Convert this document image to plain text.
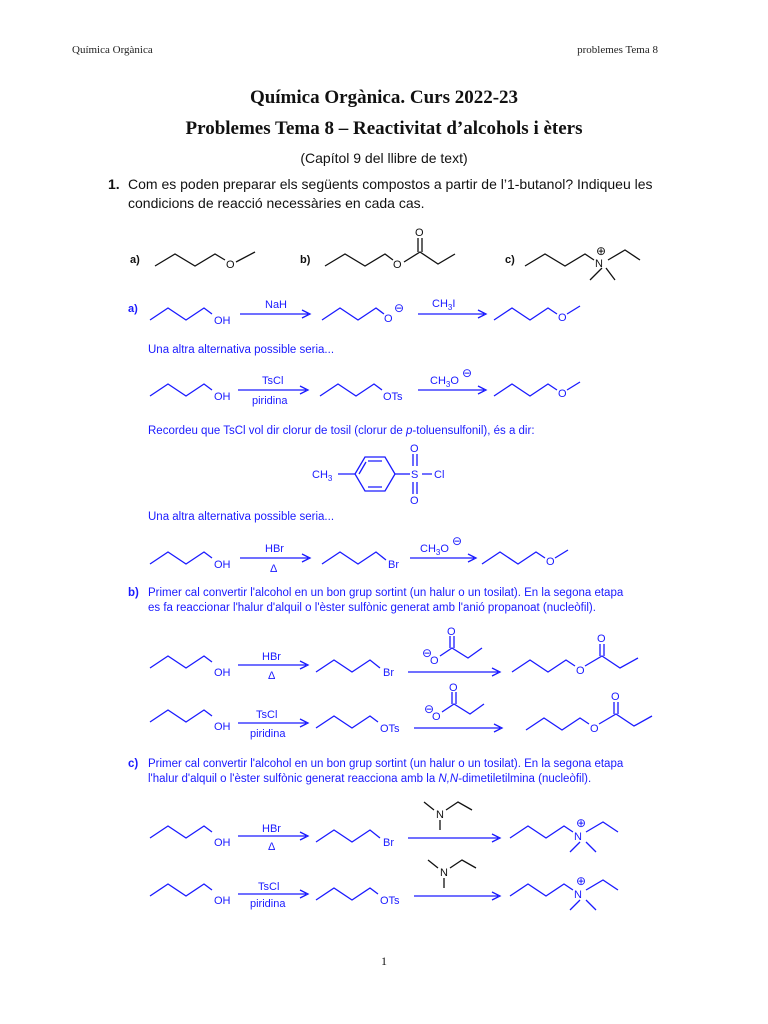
Química Orgànica	problemes Tema 8
Química Orgànica. Curs 2022-23
Problemes Tema 8 – Reactivitat d’alcohols i èters
(Capítol 9 del llibre de text)
1. Com es poden preparar els següents compostos a partir de l’1-butanol? Indiqueu les
condicions de reacció necessàries en cada cas.
a)	O	b)	O
O
c)	N
⊕
a)
OH
NaH
O
⊖	$CH_3I$
O
Una altra alternativa possible seria...
OH
TsCl
piridina	OTs
$CH_3O$
⊖
O
Recordeu que TsCl vol dir clorur de tosil (clorur de p-toluensulfonil), és a dir:
$CH_3$	S
O
O
Cl
Una altra alternativa possible seria...
OH
HBr
Δ	Br
$CH_3O$
⊖
O
b) Primer cal convertir l'alcohol en un bon grup sortint (un halur o un tosilat). En la segona etapa
es fa reaccionar l'halur d'alquil o l'èster sulfònic generat amb l'anió propanoat (nucleòfil).
OH
HBr
Δ	Br
⊖
O
O
O
O
OH
TsCl
piridina	OTs
⊖
O
O
O
O
c) Primer cal convertir l'alcohol en un bon grup sortint (un halur o un tosilat). En la segona etapa
l'halur d'alquil o l'èster sulfònic generat reacciona amb la N,N-dimetiletilmina (nucleòfil).
OH
HBr
Δ	Br
N
N
⊕
OH
TsCl
piridina	OTs
N
N
⊕
1
